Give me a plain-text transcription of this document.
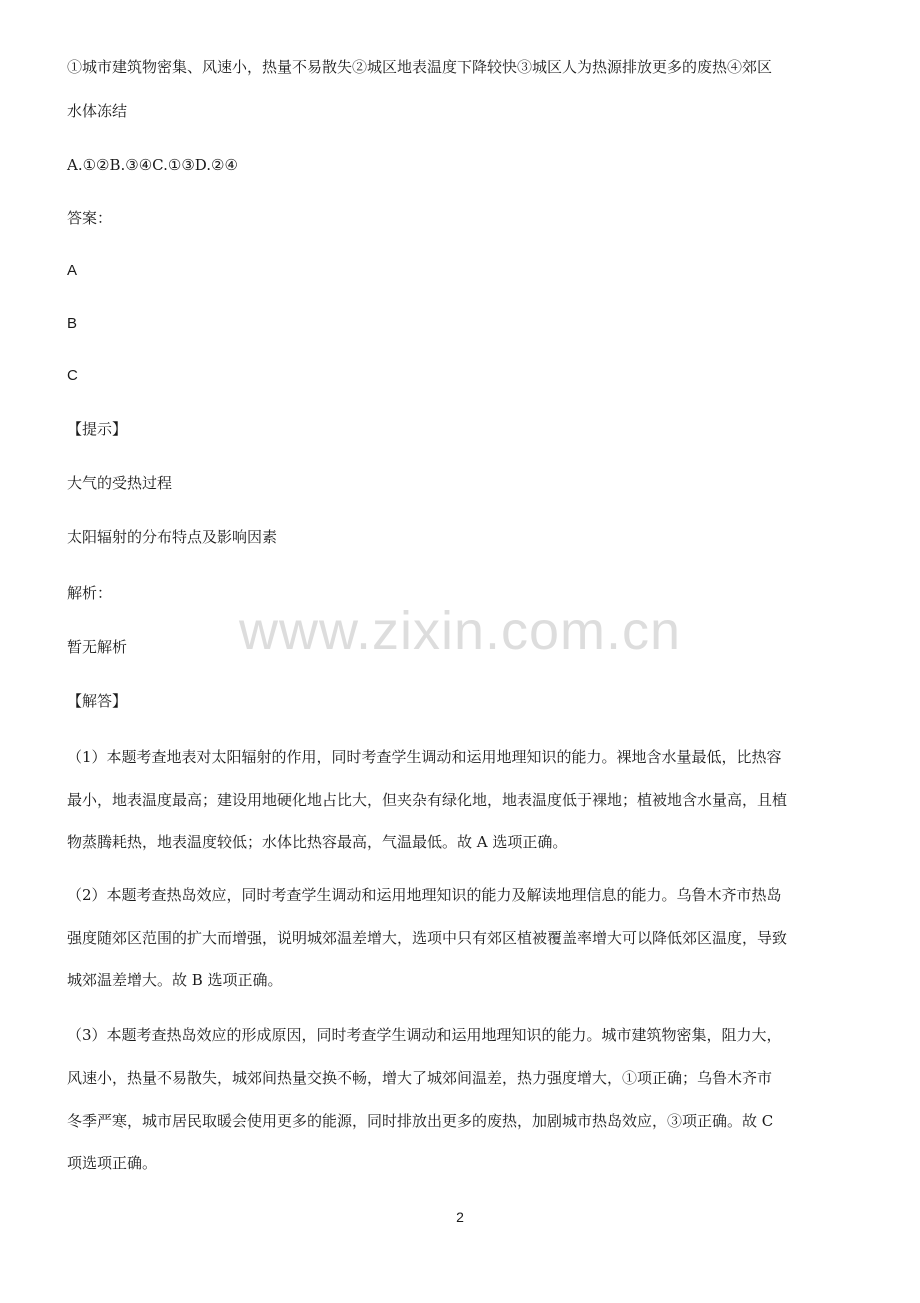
①城市建筑物密集、风速小，热量不易散失②城区地表温度下降较快③城区人为热源排放更多的废热④郊区
水体冻结
A.①②B.③④C.①③D.②④
答案：
A
B
C
【提示】
大气的受热过程
太阳辐射的分布特点及影响因素
解析：
暂无解析
【解答】
（1）本题考查地表对太阳辐射的作用，同时考查学生调动和运用地理知识的能力。裸地含水量最低，比热容
最小，地表温度最高；建设用地硬化地占比大，但夹杂有绿化地，地表温度低于裸地；植被地含水量高，且植
物蒸腾耗热，地表温度较低；水体比热容最高，气温最低。故 A 选项正确。
（2）本题考查热岛效应，同时考查学生调动和运用地理知识的能力及解读地理信息的能力。乌鲁木齐市热岛
强度随郊区范围的扩大而增强，说明城郊温差增大，选项中只有郊区植被覆盖率增大可以降低郊区温度，导致
城郊温差增大。故 B 选项正确。
（3）本题考查热岛效应的形成原因，同时考查学生调动和运用地理知识的能力。城市建筑物密集，阻力大，
风速小，热量不易散失，城郊间热量交换不畅，增大了城郊间温差，热力强度增大，①项正确；乌鲁木齐市
冬季严寒，城市居民取暖会使用更多的能源，同时排放出更多的废热，加剧城市热岛效应，③项正确。故 C
项选项正确。
www.zixin.com.cn
2
